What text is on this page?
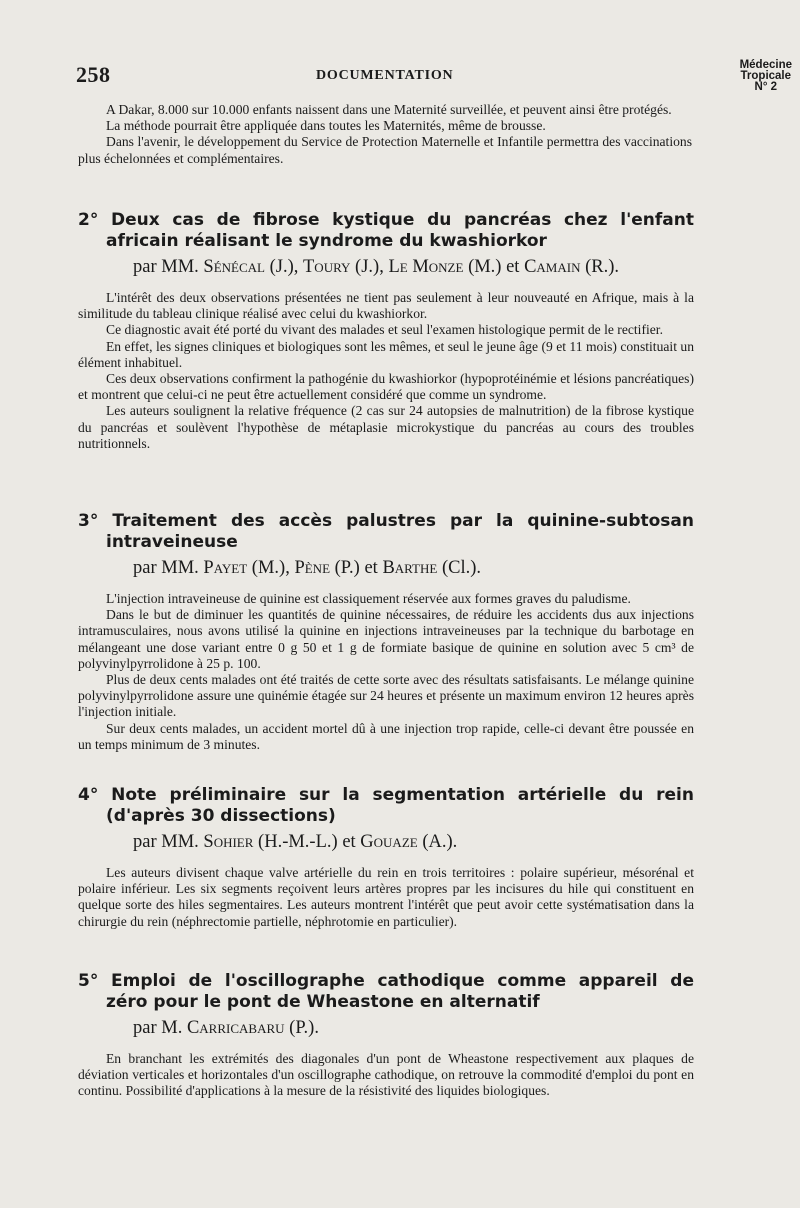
258	DOCUMENTATION
Médecine
Tropicale
N° 2

A Dakar, 8.000 sur 10.000 enfants naissent dans une Maternité surveillée, et peuvent ainsi être protégés.

La méthode pourrait être appliquée dans toutes les Maternités, même de brousse.

Dans l'avenir, le développement du Service de Protection Maternelle et Infantile permettra des vaccinations plus échelonnées et complémentaires.

2° Deux cas de fibrose kystique du pancréas chez l'enfant africain réalisant le syndrome du kwashiorkor
par MM. Sénécal (J.), Toury (J.), Le Monze (M.) et Camain (R.).

L'intérêt des deux observations présentées ne tient pas seulement à leur nouveauté en Afrique, mais à la similitude du tableau clinique réalisé avec celui du kwashiorkor.

Ce diagnostic avait été porté du vivant des malades et seul l'examen histologique permit de le rectifier.

En effet, les signes cliniques et biologiques sont les mêmes, et seul le jeune âge (9 et 11 mois) constituait un élément inhabituel.

Ces deux observations confirment la pathogénie du kwashiorkor (hypoprotéinémie et lésions pancréatiques) et montrent que celui-ci ne peut être actuellement considéré que comme un syndrome.

Les auteurs soulignent la relative fréquence (2 cas sur 24 autopsies de malnutrition) de la fibrose kystique du pancréas et soulèvent l'hypothèse de métaplasie microkystique du pancréas au cours des troubles nutritionnels.

3° Traitement des accès palustres par la quinine-subtosan intraveineuse
par MM. Payet (M.), Pène (P.) et Barthe (Cl.).

L'injection intraveineuse de quinine est classiquement réservée aux formes graves du paludisme.

Dans le but de diminuer les quantités de quinine nécessaires, de réduire les accidents dus aux injections intramusculaires, nous avons utilisé la quinine en injections intraveineuses par la technique du barbotage en mélangeant une dose variant entre 0 g 50 et 1 g de formiate basique de quinine en solution avec 5 cm³ de polyvinylpyrrolidone à 25 p. 100.

Plus de deux cents malades ont été traités de cette sorte avec des résultats satisfaisants. Le mélange quinine polyvinylpyrrolidone assure une quinémie étagée sur 24 heures et présente un maximum environ 12 heures après l'injection initiale.

Sur deux cents malades, un accident mortel dû à une injection trop rapide, celle-ci devant être poussée en un temps minimum de 3 minutes.

4° Note préliminaire sur la segmentation artérielle du rein (d'après 30 dissections)
par MM. Sohier (H.-M.-L.) et Gouaze (A.).

Les auteurs divisent chaque valve artérielle du rein en trois territoires : polaire supérieur, mésorénal et polaire inférieur. Les six segments reçoivent leurs artères propres par les incisures du hile qui constituent en quelque sorte des hiles segmentaires. Les auteurs montrent l'intérêt que peut avoir cette systématisation dans la chirurgie du rein (néphrectomie partielle, néphrotomie en particulier).

5° Emploi de l'oscillographe cathodique comme appareil de zéro pour le pont de Wheastone en alternatif
par M. Carricabaru (P.).

En branchant les extrémités des diagonales d'un pont de Wheastone respectivement aux plaques de déviation verticales et horizontales d'un oscillographe cathodique, on retrouve la commodité d'emploi du pont en continu. Possibilité d'applications à la mesure de la résistivité des liquides biologiques.
